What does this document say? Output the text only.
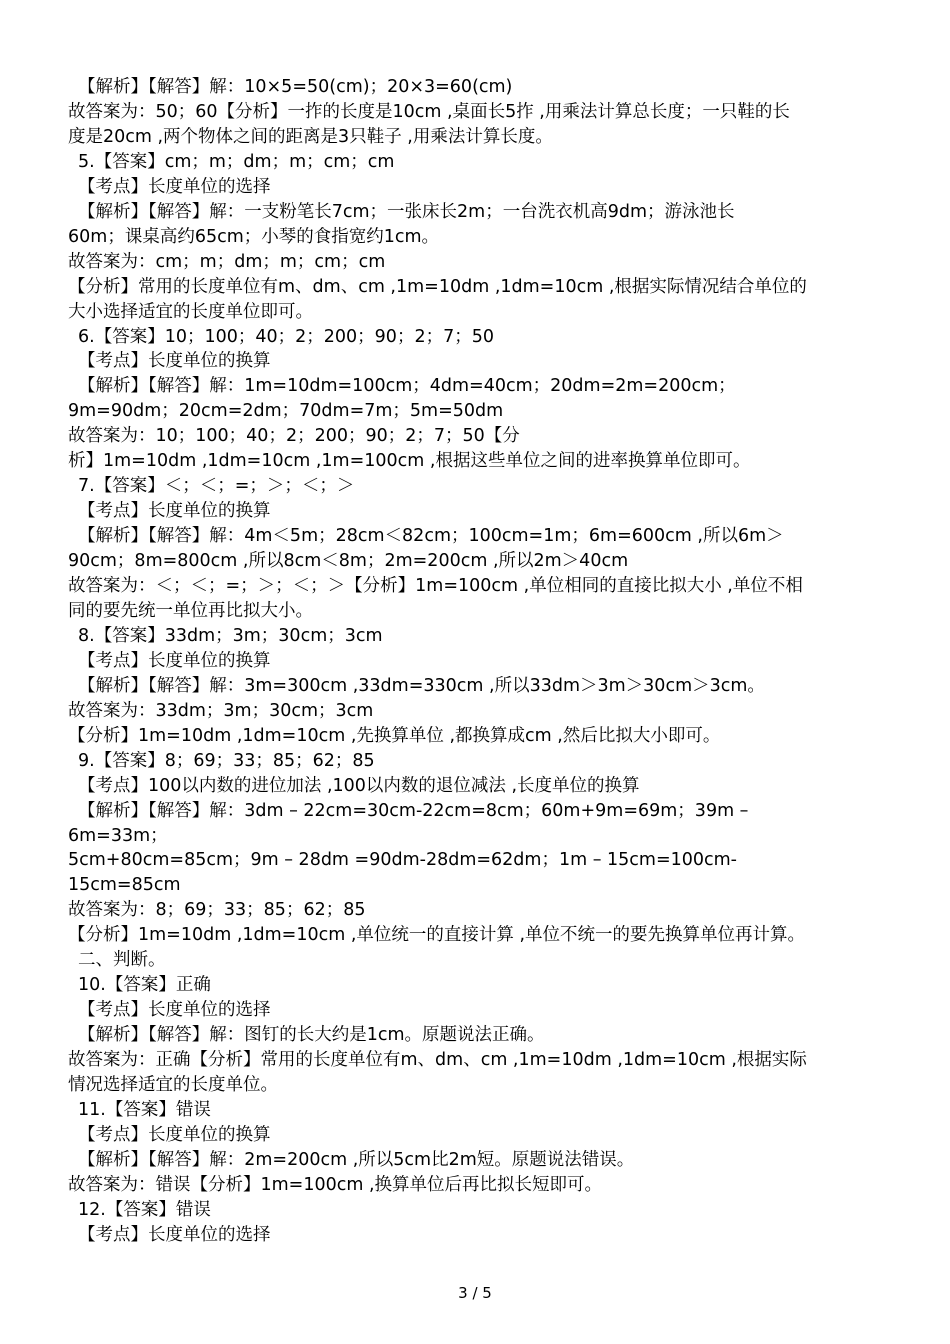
【解析】【解答】解：10×5=50(cm)；20×3=60(cm)
故答案为：50；60【分析】一拃的长度是10cm ,桌面长5拃 ,用乘法计算总长度；一只鞋的长
度是20cm ,两个物体之间的距离是3只鞋子 ,用乘法计算长度。
5.【答案】cm；m；dm；m；cm；cm
【考点】长度单位的选择
【解析】【解答】解：一支粉笔长7cm；一张床长2m；一台洗衣机高9dm；游泳池长
60m；课桌高约65cm；小琴的食指宽约1cm。
故答案为：cm；m；dm；m；cm；cm
【分析】常用的长度单位有m、dm、cm ,1m=10dm ,1dm=10cm ,根据实际情况结合单位的
大小选择适宜的长度单位即可。
6.【答案】10；100；40；2；200；90；2；7；50
【考点】长度单位的换算
【解析】【解答】解：1m=10dm=100cm；4dm=40cm；20dm=2m=200cm；
9m=90dm；20cm=2dm；70dm=7m；5m=50dm
故答案为：10；100；40；2；200；90；2；7；50【分
析】1m=10dm ,1dm=10cm ,1m=100cm ,根据这些单位之间的进率换算单位即可。
7.【答案】＜；＜；=；＞；＜；＞
【考点】长度单位的换算
【解析】【解答】解：4m＜5m；28cm＜82cm；100cm=1m；6m=600cm ,所以6m＞
90cm；8m=800cm ,所以8cm＜8m；2m=200cm ,所以2m＞40cm
故答案为：＜；＜；=；＞；＜；＞【分析】1m=100cm ,单位相同的直接比拟大小 ,单位不相
同的要先统一单位再比拟大小。
8.【答案】33dm；3m；30cm；3cm
【考点】长度单位的换算
【解析】【解答】解：3m=300cm ,33dm=330cm ,所以33dm＞3m＞30cm＞3cm。
故答案为：33dm；3m；30cm；3cm
【分析】1m=10dm ,1dm=10cm ,先换算单位 ,都换算成cm ,然后比拟大小即可。
9.【答案】8；69；33；85；62；85
【考点】100以内数的进位加法 ,100以内数的退位减法 ,长度单位的换算
【解析】【解答】解：3dm – 22cm=30cm-22cm=8cm；60m+9m=69m；39m –
6m=33m；
5cm+80cm=85cm；9m – 28dm =90dm-28dm=62dm；1m – 15cm=100cm-
15cm=85cm
故答案为：8；69；33；85；62；85
【分析】1m=10dm ,1dm=10cm ,单位统一的直接计算 ,单位不统一的要先换算单位再计算。
二、判断。
10.【答案】正确
【考点】长度单位的选择
【解析】【解答】解：图钉的长大约是1cm。原题说法正确。
故答案为：正确【分析】常用的长度单位有m、dm、cm ,1m=10dm ,1dm=10cm ,根据实际
情况选择适宜的长度单位。
11.【答案】错误
【考点】长度单位的换算
【解析】【解答】解：2m=200cm ,所以5cm比2m短。原题说法错误。
故答案为：错误【分析】1m=100cm ,换算单位后再比拟长短即可。
12.【答案】错误
【考点】长度单位的选择
3 / 5
